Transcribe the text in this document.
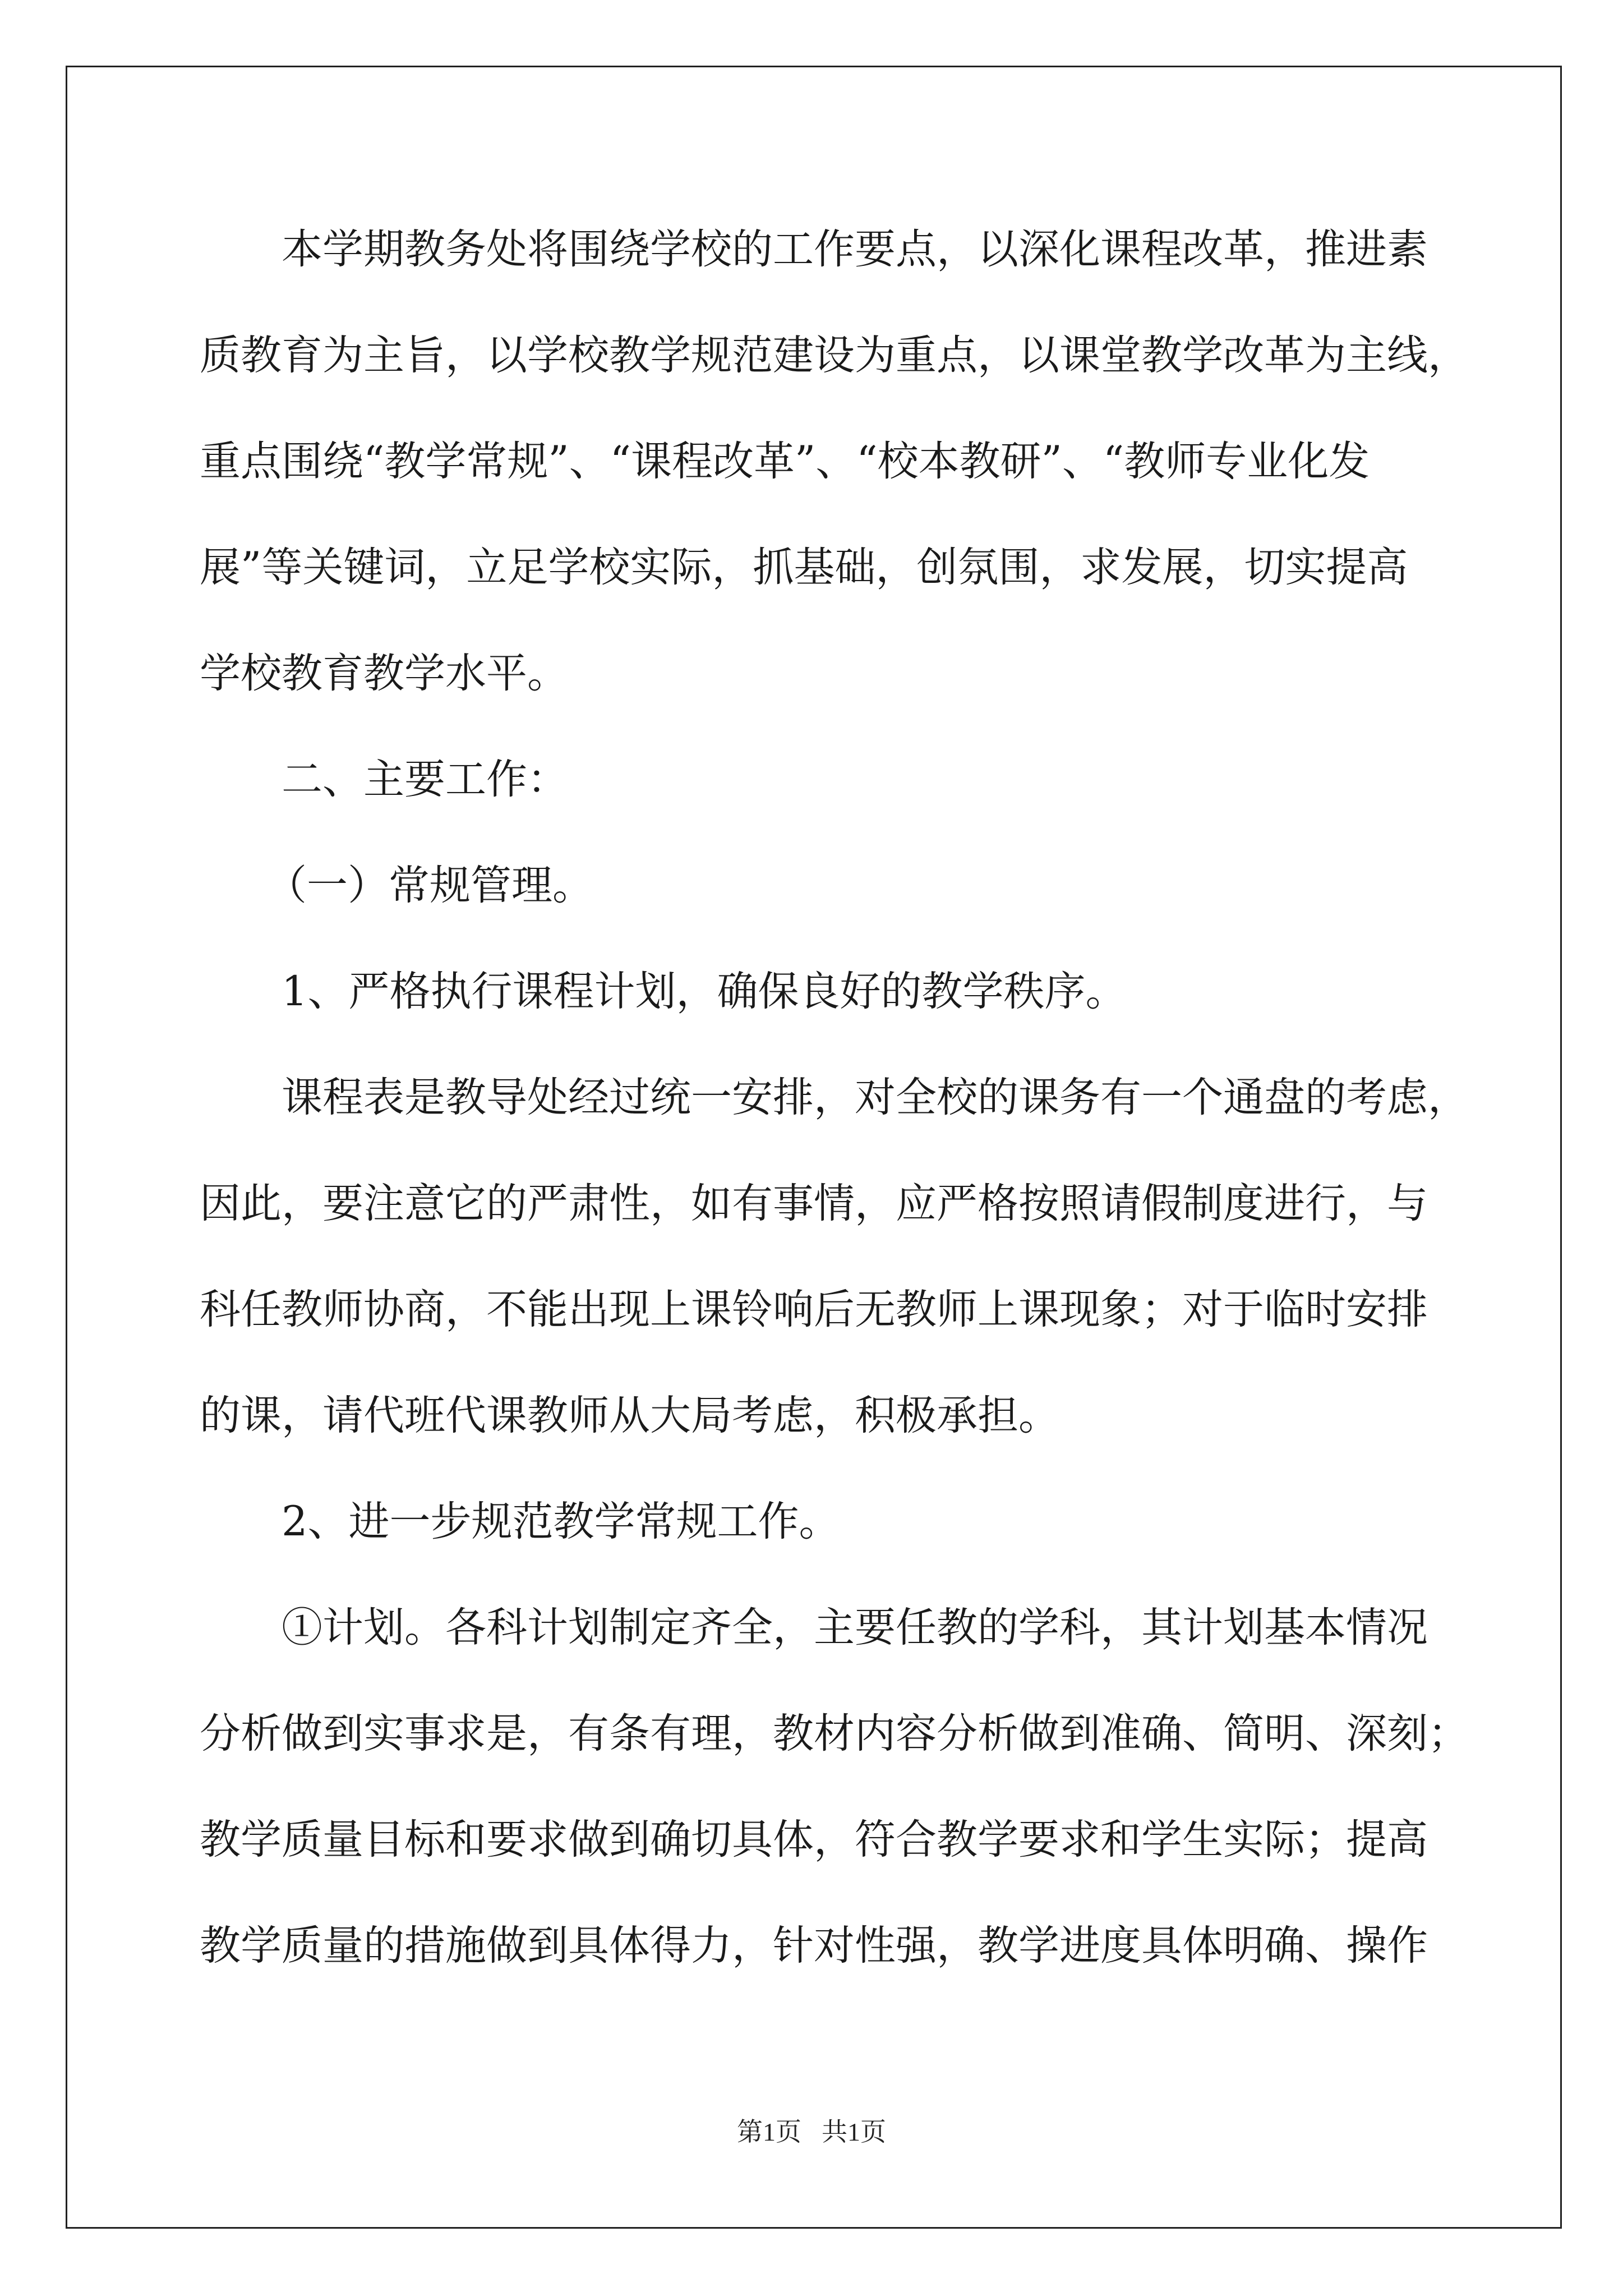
本学期教务处将围绕学校的工作要点，以深化课程改革，推进素
质教育为主旨，以学校教学规范建设为重点，以课堂教学改革为主线，
重点围绕“教学常规”、“课程改革”、“校本教研”、“教师专业化发
展”等关键词，立足学校实际，抓基础，创氛围，求发展，切实提高
学校教育教学水平。
二、主要工作：
（一）常规管理。
1、严格执行课程计划，确保良好的教学秩序。
课程表是教导处经过统一安排，对全校的课务有一个通盘的考虑，
因此，要注意它的严肃性，如有事情，应严格按照请假制度进行，与
科任教师协商，不能出现上课铃响后无教师上课现象；对于临时安排
的课，请代班代课教师从大局考虑，积极承担。
2、进一步规范教学常规工作。
①计划。各科计划制定齐全，主要任教的学科，其计划基本情况
分析做到实事求是，有条有理，教材内容分析做到准确、简明、深刻；
教学质量目标和要求做到确切具体，符合教学要求和学生实际；提高
教学质量的措施做到具体得力，针对性强，教学进度具体明确、操作
第1页 共1页
